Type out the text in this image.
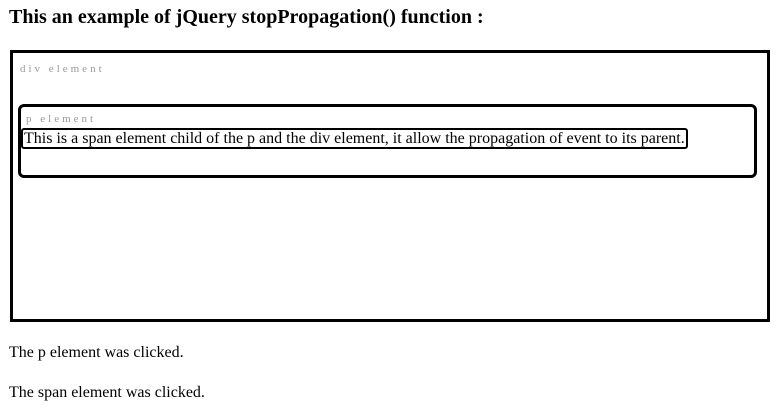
This an example of jQuery stopPropagation() function :
div element
p element
This is a span element child of the p and the div element, it allow the propagation of event to its parent.

The p element was clicked.

The span element was clicked.
